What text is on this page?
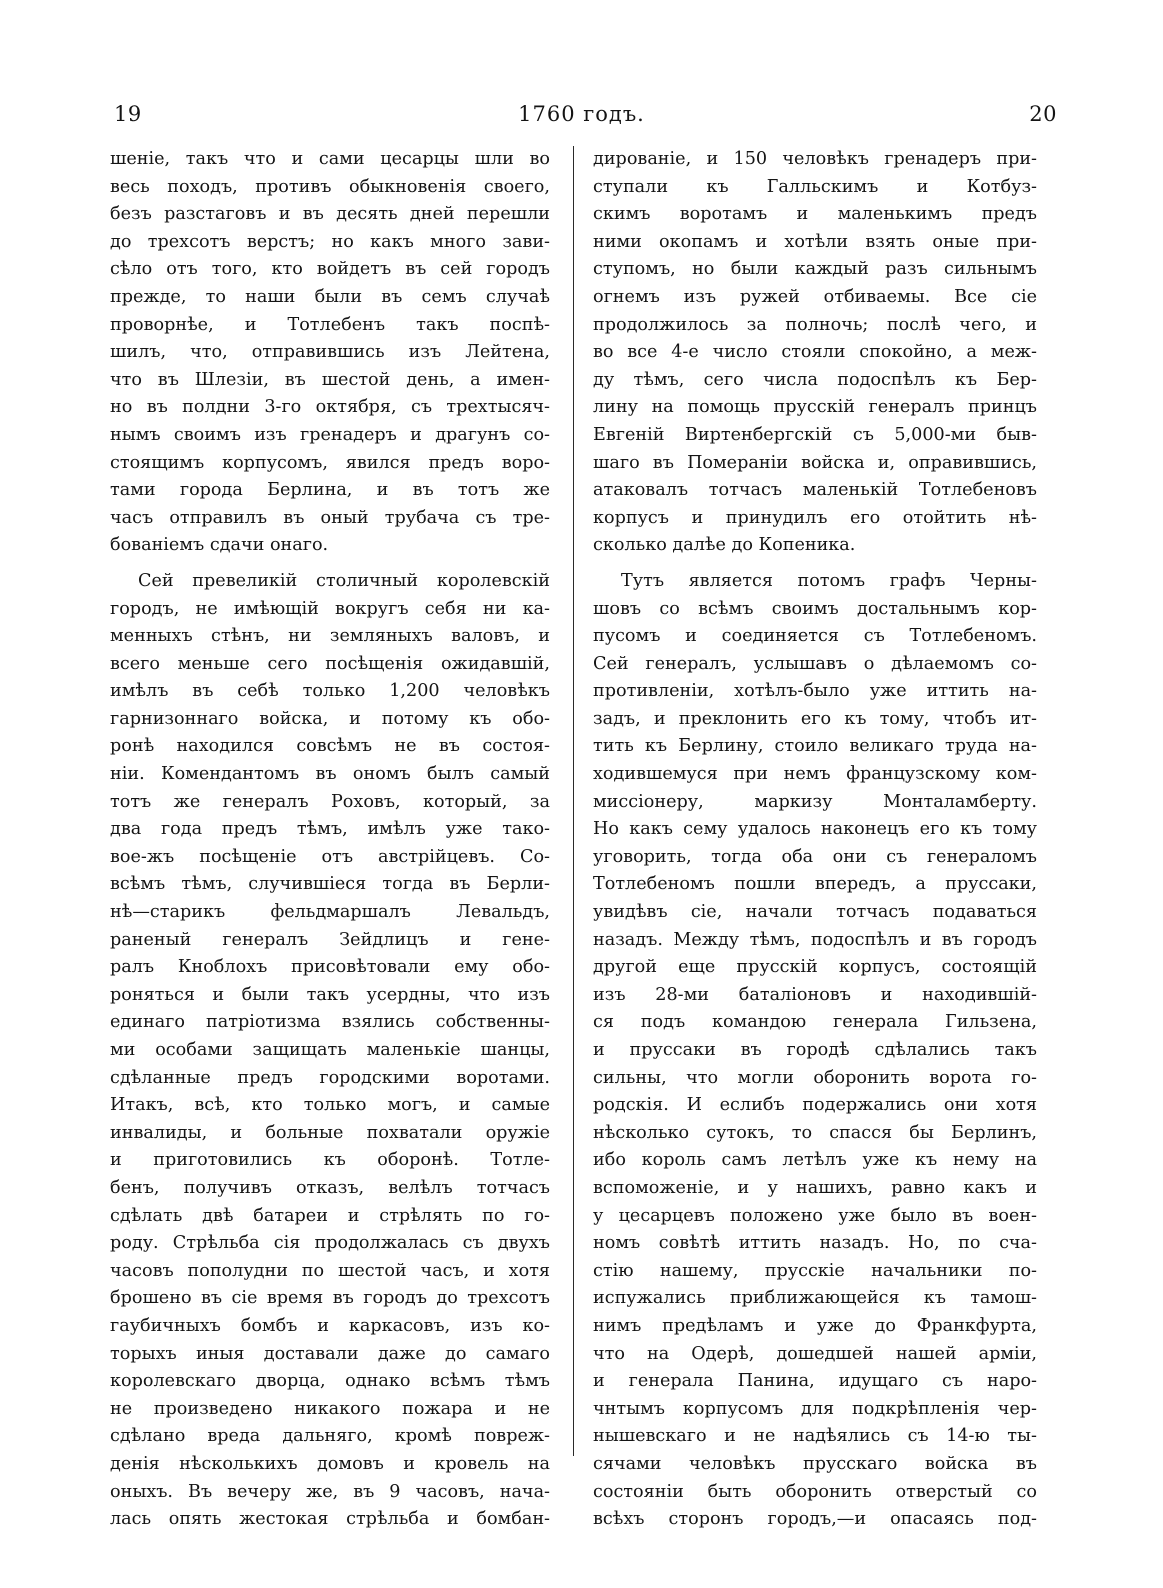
19	1760 годъ.	20
шеніе, такъ что и сами цесарцы шли во
весь походъ, противъ обыкновенія своего,
безъ разстаговъ и въ десять дней перешли
до трехсотъ верстъ; но какъ много зави-
сѣло отъ того, кто войдетъ въ сей городъ
прежде, то наши были въ семъ случаѣ
проворнѣе, и Тотлебенъ такъ поспѣ-
шилъ, что, отправившись изъ Лейтена,
что въ Шлезіи, въ шестой день, а имен-
но въ полдни 3-го октября, съ трехтысяч-
нымъ своимъ изъ гренадеръ и драгунъ со-
стоящимъ корпусомъ, явился предъ воро-
тами города Берлина, и въ тотъ же
часъ отправилъ въ оный трубача съ тре-
бованіемъ сдачи онаго.
Сей превеликій столичный королевскій
городъ, не имѣющій вокругъ себя ни ка-
менныхъ стѣнъ, ни земляныхъ валовъ, и
всего меньше сего посѣщенія ожидавшій,
имѣлъ въ себѣ только 1,200 человѣкъ
гарнизоннаго войска, и потому къ обо-
ронѣ находился совсѣмъ не въ состоя-
ніи. Комендантомъ въ ономъ былъ самый
тотъ же генералъ Роховъ, который, за
два года предъ тѣмъ, имѣлъ уже тако-
вое-жъ посѣщеніе отъ австрійцевъ. Со-
всѣмъ тѣмъ, случившіеся тогда въ Берли-
нѣ—старикъ фельдмаршалъ Левальдъ,
раненый генералъ Зейдлицъ и гене-
ралъ Кноблохъ присовѣтовали ему обо-
роняться и были такъ усердны, что изъ
единаго патріотизма взялись собственны-
ми особами защищать маленькіе шанцы,
сдѣланные предъ городскими воротами.
Итакъ, всѣ, кто только могъ, и самые
инвалиды, и больные похватали оружіе
и приготовились къ оборонѣ. Тотле-
бенъ, получивъ отказъ, велѣлъ тотчасъ
сдѣлать двѣ батареи и стрѣлять по го-
роду. Стрѣльба сія продолжалась съ двухъ
часовъ пополудни по шестой часъ, и хотя
брошено въ сіе время въ городъ до трехсотъ
гаубичныхъ бомбъ и каркасовъ, изъ ко-
торыхъ иныя доставали даже до самаго
королевскаго дворца, однако всѣмъ тѣмъ
не произведено никакого пожара и не
сдѣлано вреда дальняго, кромѣ повреж-
денія нѣсколькихъ домовъ и кровель на
оныхъ. Въ вечеру же, въ 9 часовъ, нача-
лась опять жестокая стрѣльба и бомбан-
дированіе, и 150 человѣкъ гренадеръ при-
ступали къ Галльскимъ и Котбуз-
скимъ воротамъ и маленькимъ предъ
ними окопамъ и хотѣли взять оные при-
ступомъ, но были каждый разъ сильнымъ
огнемъ изъ ружей отбиваемы. Все сіе
продолжилось за полночь; послѣ чего, и
во все 4-е число стояли спокойно, а меж-
ду тѣмъ, сего числа подоспѣлъ къ Бер-
лину на помощь прусскій генералъ принцъ
Евгеній Виртенбергскій съ 5,000-ми быв-
шаго въ Помераніи войска и, оправившись,
атаковалъ тотчасъ маленькій Тотлебеновъ
корпусъ и принудилъ его отойтить нѣ-
сколько далѣе до Копеника.
Тутъ является потомъ графъ Черны-
шовъ со всѣмъ своимъ достальнымъ кор-
пусомъ и соединяется съ Тотлебеномъ.
Сей генералъ, услышавъ о дѣлаемомъ со-
противленіи, хотѣлъ-было уже иттить на-
задъ, и преклонить его къ тому, чтобъ ит-
тить къ Берлину, стоило великаго труда на-
ходившемуся при немъ французскому ком-
миссіонеру, маркизу Монталамберту.
Но какъ сему удалось наконецъ его къ тому
уговорить, тогда оба они съ генераломъ
Тотлебеномъ пошли впередъ, а пруссаки,
увидѣвъ сіе, начали тотчасъ подаваться
назадъ. Между тѣмъ, подоспѣлъ и въ городъ
другой еще прусскій корпусъ, состоящій
изъ 28-ми баталіоновъ и находившій-
ся подъ командою генерала Гильзена,
и пруссаки въ городѣ сдѣлались такъ
сильны, что могли оборонить ворота го-
родскія. И еслибъ подержались они хотя
нѣсколько сутокъ, то спасся бы Берлинъ,
ибо король самъ летѣлъ уже къ нему на
вспоможеніе, и у нашихъ, равно какъ и
у цесарцевъ положено уже было въ воен-
номъ совѣтѣ иттить назадъ. Но, по сча-
стію нашему, прусскіе начальники по-
испужались приближающейся къ тамош-
нимъ предѣламъ и уже до Франкфурта,
что на Одерѣ, дошедшей нашей арміи,
и генерала Панина, идущаго съ наро-
чнтымъ корпусомъ для подкрѣпленія чер-
нышевскаго и не надѣялись съ 14-ю ты-
сячами человѣкъ прусскаго войска въ
состояніи быть оборонить отверстый со
всѣхъ сторонъ городъ,—и опасаясь под-
